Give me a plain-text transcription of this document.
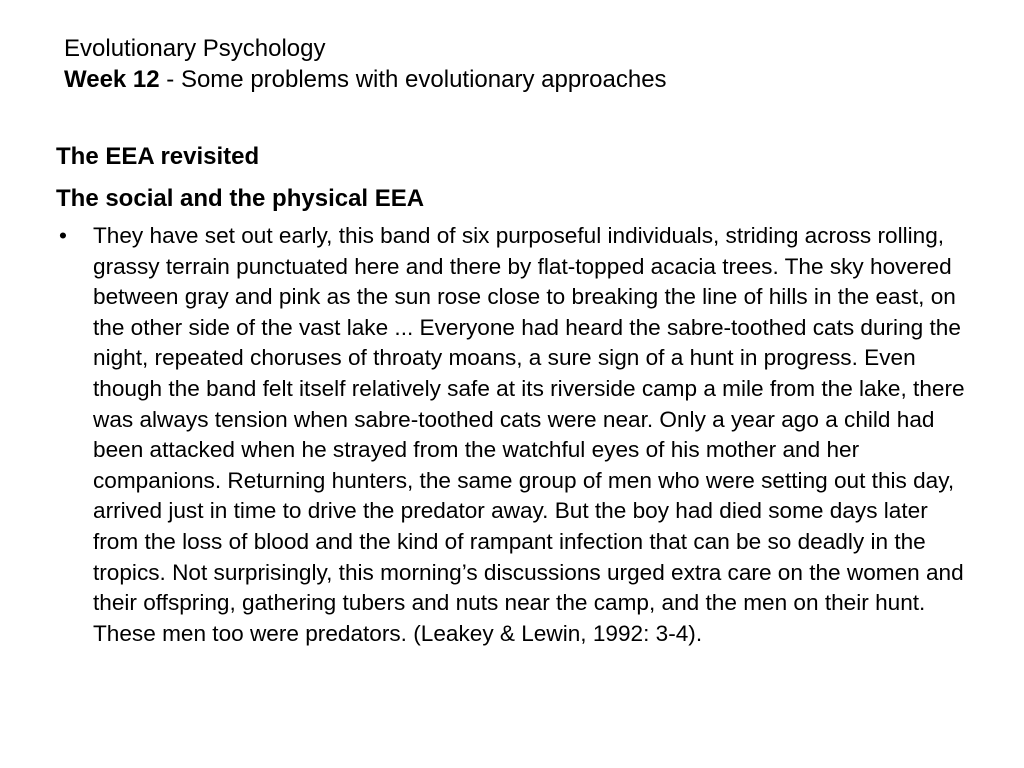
Evolutionary Psychology
Week 12 - Some problems with evolutionary approaches
The EEA revisited
The social and the physical EEA
• They have set out early, this band of six purposeful individuals, striding across rolling, grassy terrain punctuated here and there by flat-topped acacia trees. The sky hovered between gray and pink as the sun rose close to breaking the line of hills in the east, on the other side of the vast lake ... Everyone had heard the sabre-toothed cats during the night, repeated choruses of throaty moans, a sure sign of a hunt in progress. Even though the band felt itself relatively safe at its riverside camp a mile from the lake, there was always tension when sabre-toothed cats were near. Only a year ago a child had been attacked when he strayed from the watchful eyes of his mother and her companions. Returning hunters, the same group of men who were setting out this day, arrived just in time to drive the predator away. But the boy had died some days later from the loss of blood and the kind of rampant infection that can be so deadly in the tropics. Not surprisingly, this morning’s discussions urged extra care on the women and their offspring, gathering tubers and nuts near the camp, and the men on their hunt. These men too were predators. (Leakey & Lewin, 1992: 3-4).
